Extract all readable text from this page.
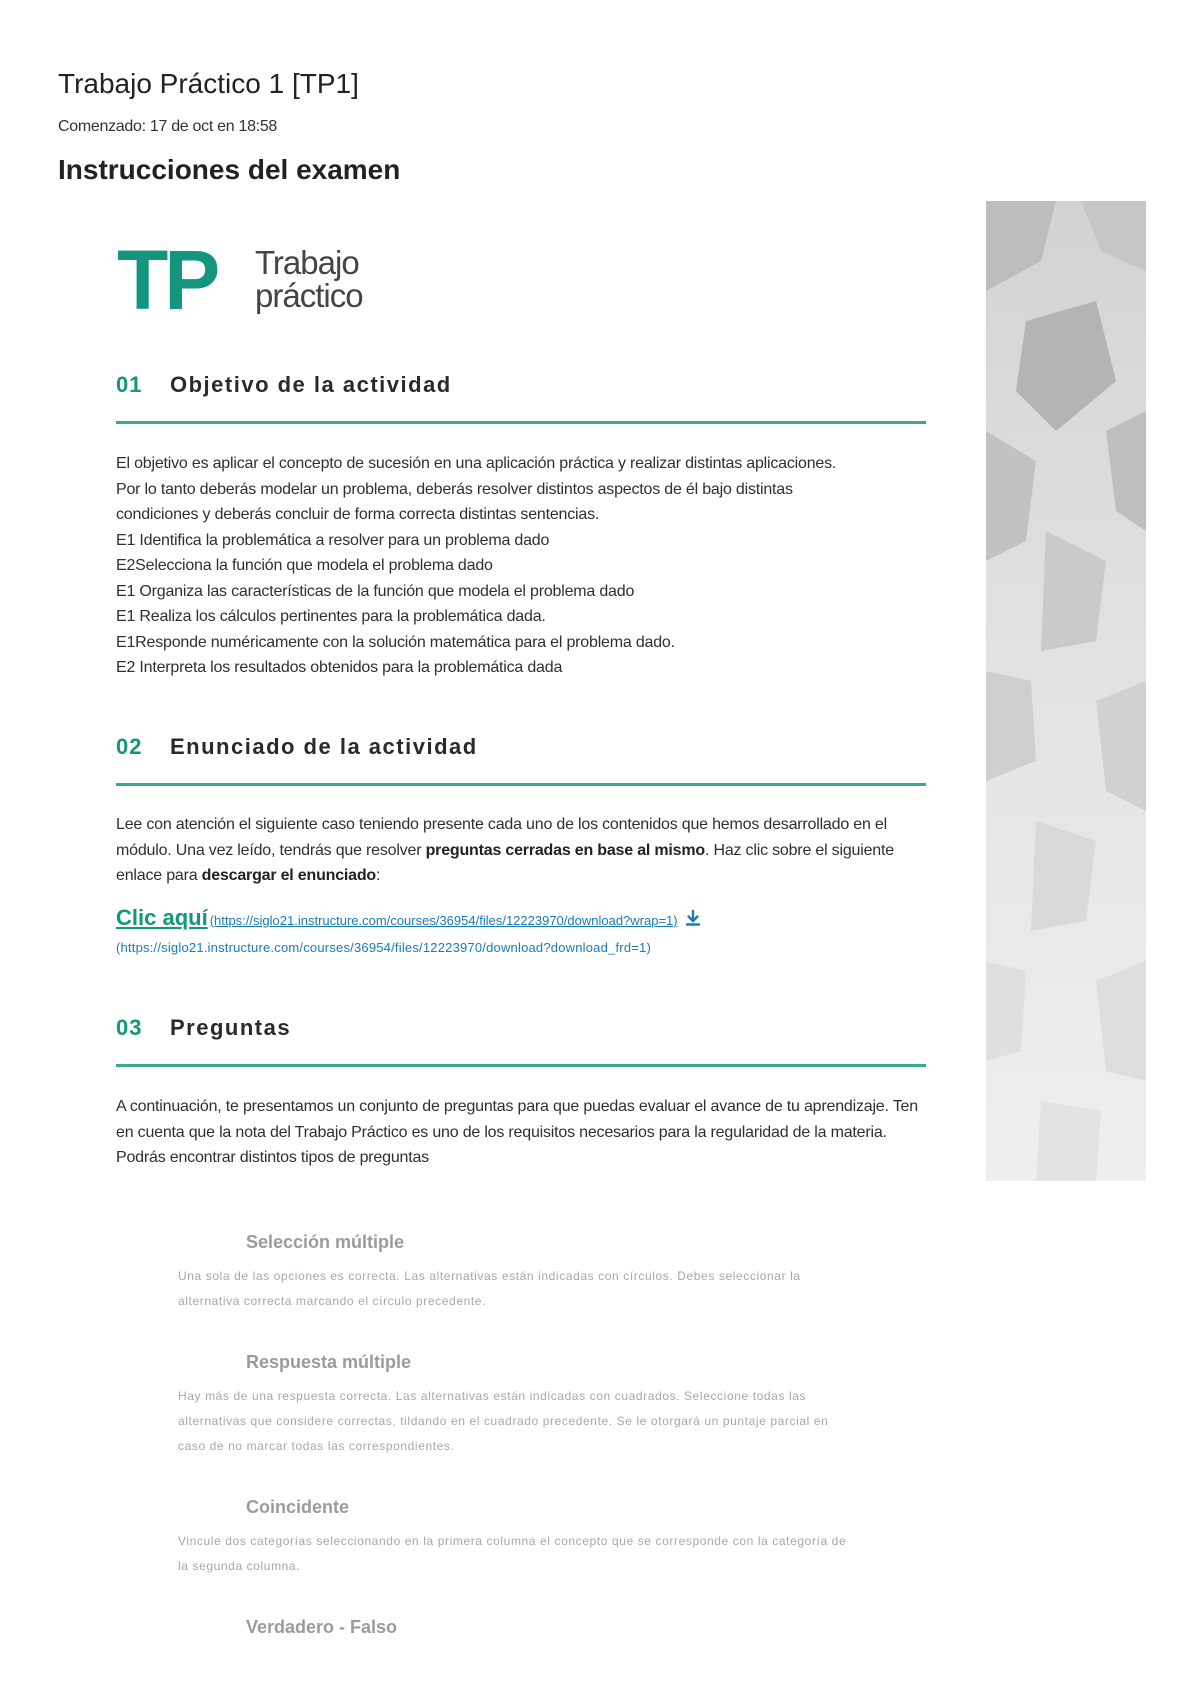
Trabajo Práctico 1 [TP1]
Comenzado: 17 de oct en 18:58
Instrucciones del examen
TP Trabajo
práctico
01 Objetivo de la actividad

El objetivo es aplicar el concepto de sucesión en una aplicación práctica y realizar distintas aplicaciones.

Por lo tanto deberás modelar un problema, deberás resolver distintos aspectos de él bajo distintas

condiciones y deberás concluir de forma correcta distintas sentencias.

E1 Identifica la problemática a resolver para un problema dado

E2Selecciona la función que modela el problema dado

E1 Organiza las características de la función que modela el problema dado

E1 Realiza los cálculos pertinentes para la problemática dada.

E1Responde numéricamente con la solución matemática para el problema dado.

E2 Interpreta los resultados obtenidos para la problemática dada

02 Enunciado de la actividad

Lee con atención el siguiente caso teniendo presente cada uno de los contenidos que hemos desarrollado en el módulo. Una vez leído, tendrás que resolver preguntas cerradas en base al mismo. Haz clic sobre el siguiente enlace para descargar el enunciado:

Clic aquí (https://siglo21.instructure.com/courses/36954/files/12223970/download?wrap=1)
(https://siglo21.instructure.com/courses/36954/files/12223970/download?download_frd=1)
03 Preguntas
A continuación, te presentamos un conjunto de preguntas para que puedas evaluar el avance de tu aprendizaje. Ten en cuenta que la nota del Trabajo Práctico es uno de los requisitos necesarios para la regularidad de la materia. Podrás encontrar distintos tipos de preguntas
Selección múltiple
Una sola de las opciones es correcta. Las alternativas están indicadas con círculos. Debes seleccionar la alternativa correcta marcando el círculo precedente.
Respuesta múltiple
Hay más de una respuesta correcta. Las alternativas están indicadas con cuadrados. Seleccione todas las alternativas que considere correctas, tildando en el cuadrado precedente. Se le otorgará un puntaje parcial en caso de no marcar todas las correspondientes.
Coincidente
Vincule dos categorías seleccionando en la primera columna el concepto que se corresponde con la categoría de la segunda columna.
Verdadero - Falso
